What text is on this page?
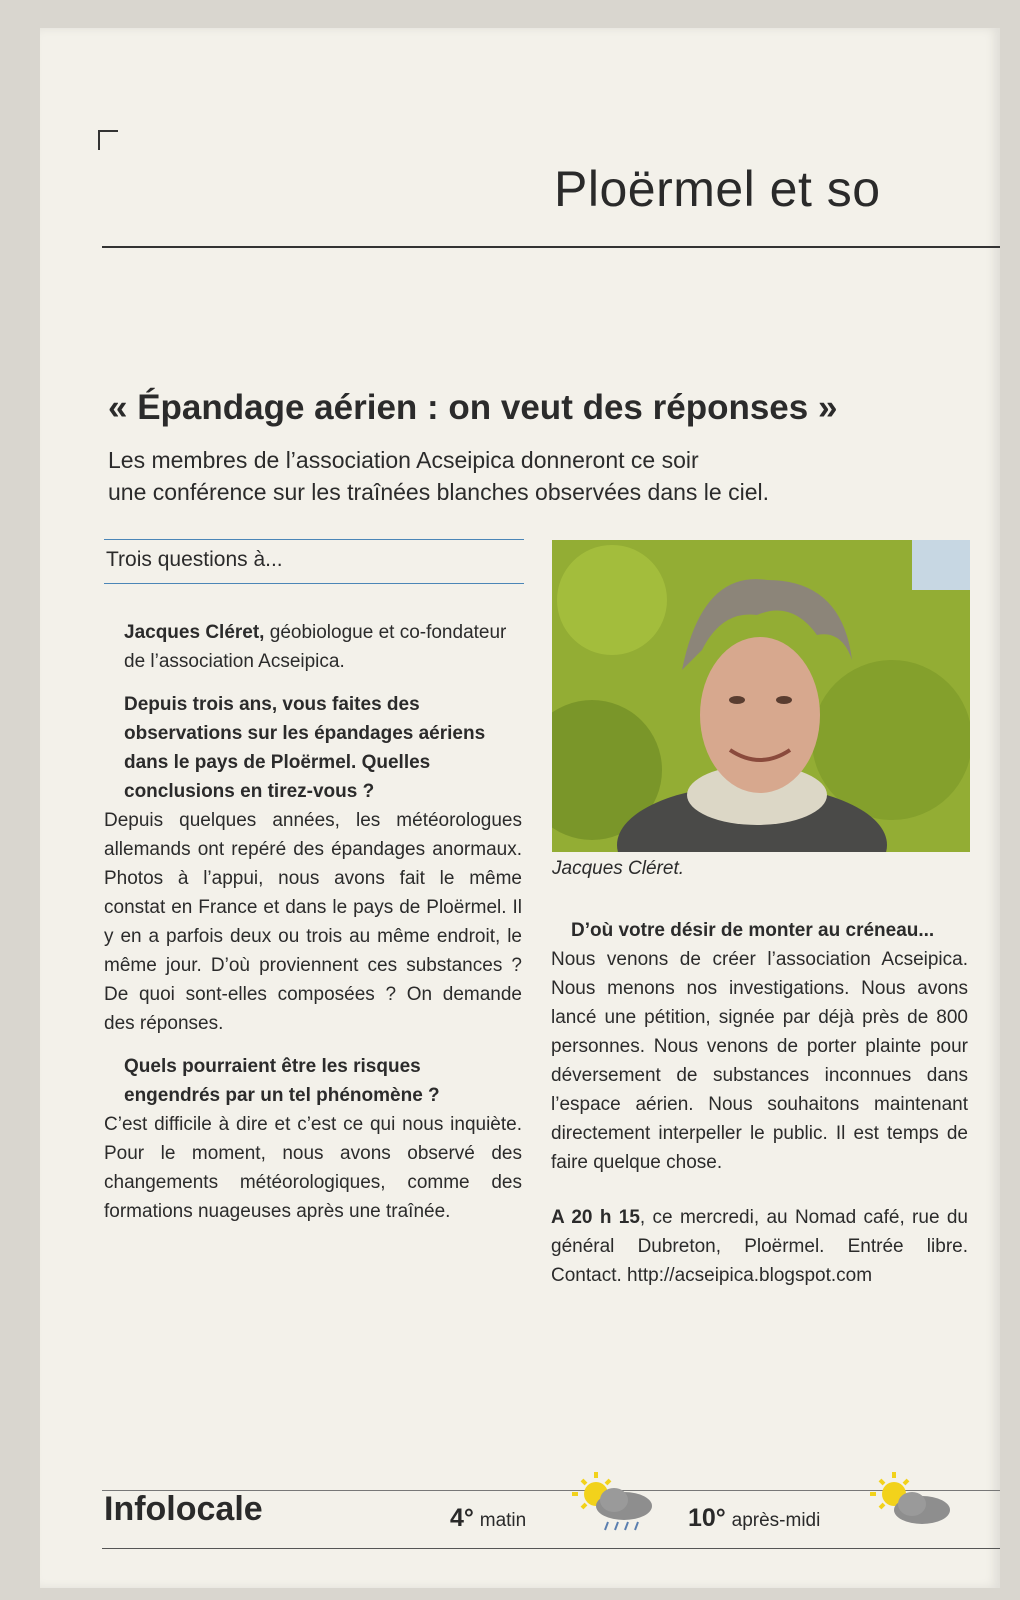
Ploërmel et so
« Épandage aérien : on veut des réponses »
Les membres de l’association Acseipica donneront ce soir
une conférence sur les traînées blanches observées dans le ciel.
Trois questions à...

Jacques Cléret, géobiologue et co-fondateur de l’association Acseipica.

Depuis trois ans, vous faites des observations sur les épandages aériens dans le pays de Ploërmel. Quelles conclusions en tirez-vous ?

Depuis quelques années, les météorologues allemands ont repéré des épandages anormaux. Photos à l’appui, nous avons fait le même constat en France et dans le pays de Ploërmel. Il y en a parfois deux ou trois au même endroit, le même jour. D’où proviennent ces substances ? De quoi sont-elles composées ? On demande des réponses.

Quels pourraient être les risques engendrés par un tel phénomène ?

C’est difficile à dire et c’est ce qui nous inquiète. Pour le moment, nous avons observé des changements météorologiques, comme des formations nuageuses après une traînée.

Jacques Cléret.

D’où votre désir de monter au créneau...

Nous venons de créer l’association Acseipica. Nous menons nos investigations. Nous avons lancé une pétition, signée par déjà près de 800 personnes. Nous venons de porter plainte pour déversement de substances inconnues dans l’espace aérien. Nous souhaitons maintenant directement interpeller le public. Il est temps de faire quelque chose.

A 20 h 15, ce mercredi, au Nomad café, rue du général Dubreton, Ploërmel. Entrée libre. Contact. http://acseipica.blogspot.com

Infolocale	4° matin	10° après-midi
